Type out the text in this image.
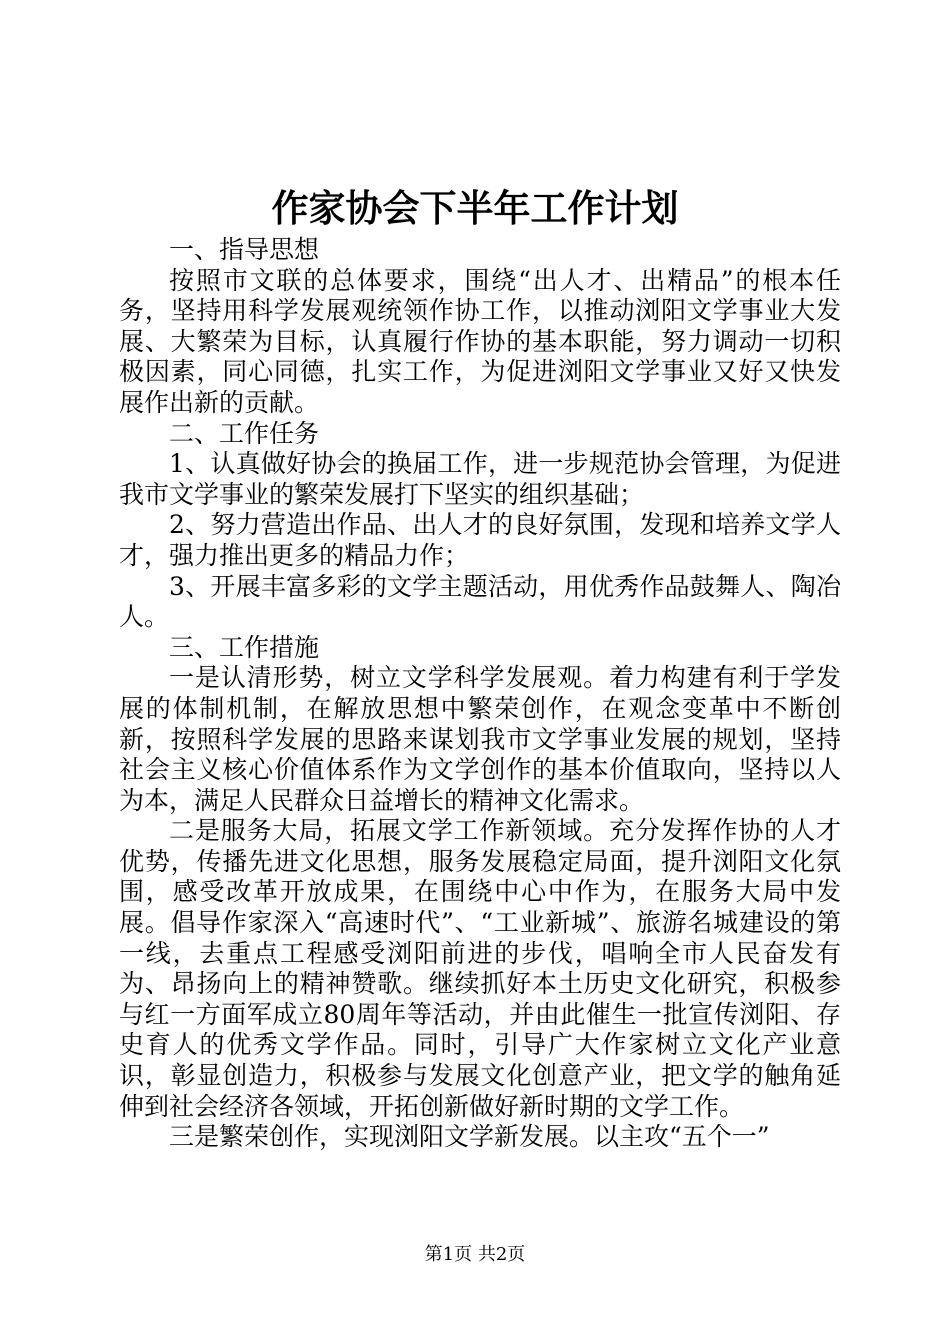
作家协会下半年工作计划

一、指导思想

按照市文联的总体要求，围绕“出人才、出精品”的根本任务，坚持用科学发展观统领作协工作，以推动浏阳文学事业大发展、大繁荣为目标，认真履行作协的基本职能，努力调动一切积极因素，同心同德，扎实工作，为促进浏阳文学事业又好又快发展作出新的贡献。

二、工作任务

1、认真做好协会的换届工作，进一步规范协会管理，为促进我市文学事业的繁荣发展打下坚实的组织基础；

2、努力营造出作品、出人才的良好氛围，发现和培养文学人才，强力推出更多的精品力作；

3、开展丰富多彩的文学主题活动，用优秀作品鼓舞人、陶冶人。

三、工作措施

一是认清形势，树立文学科学发展观。着力构建有利于学发展的体制机制，在解放思想中繁荣创作，在观念变革中不断创新，按照科学发展的思路来谋划我市文学事业发展的规划，坚持社会主义核心价值体系作为文学创作的基本价值取向，坚持以人为本，满足人民群众日益增长的精神文化需求。

二是服务大局，拓展文学工作新领域。充分发挥作协的人才优势，传播先进文化思想，服务发展稳定局面，提升浏阳文化氛围，感受改革开放成果，在围绕中心中作为，在服务大局中发展。倡导作家深入“高速时代”、“工业新城”、旅游名城建设的第一线，去重点工程感受浏阳前进的步伐，唱响全市人民奋发有为、昂扬向上的精神赞歌。继续抓好本土历史文化研究，积极参与红一方面军成立80周年等活动，并由此催生一批宣传浏阳、存史育人的优秀文学作品。同时，引导广大作家树立文化产业意识，彰显创造力，积极参与发展文化创意产业，把文学的触角延伸到社会经济各领域，开拓创新做好新时期的文学工作。

三是繁荣创作，实现浏阳文学新发展。以主攻“五个一”

第1页 共2页
